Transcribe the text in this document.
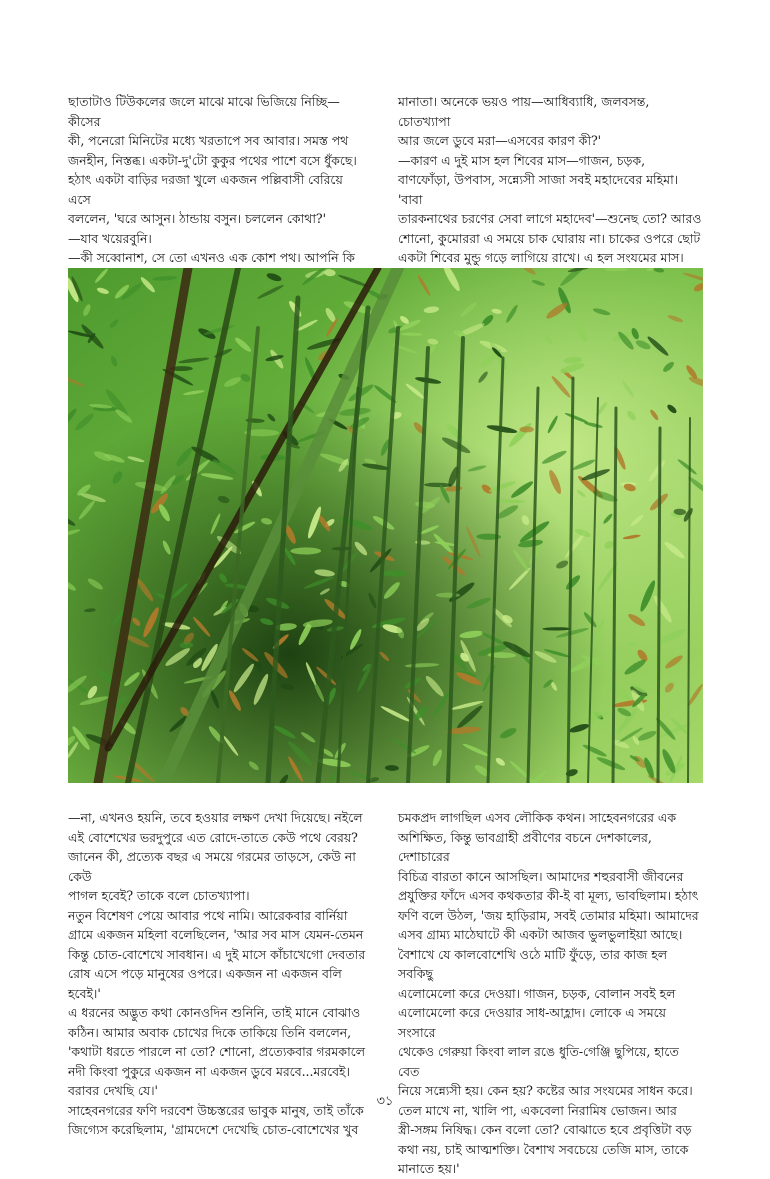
ছাতাটাও টিউকলের জলে মাঝে মাঝে ভিজিয়ে নিচ্ছি—কীসের
কী, পনেরো মিনিটের মধ্যে খরতাপে সব আবার। সমস্ত পথ
জনহীন, নিস্তব্ধ। একটা-দু'টো কুকুর পথের পাশে বসে ধুঁকছে।
হঠাৎ একটা বাড়ির দরজা খুলে একজন পল্লিবাসী বেরিয়ে এসে
বললেন, 'ঘরে আসুন। ঠান্ডায় বসুন। চললেন কোথা?'
—যাব খয়েরবুনি।
—কী সব্বোনাশ, সে তো এখনও এক কোশ পথ। আপনি কি

মানাতা। অনেকে ভয়ও পায়—আধিব্যাধি, জলবসন্ত, চোতখ্যাপা
আর জলে ডুবে মরা—এসবের কারণ কী?'
—কারণ এ দুই মাস হল শিবের মাস—গাজন, চড়ক,
বাণফোঁড়া, উপবাস, সন্ন্যেসী সাজা সবই মহাদেবের মহিমা। 'বাবা
তারকনাথের চরণের সেবা লাগে মহাদেব'—শুনেছ তো? আরও
শোনো, কুমোররা এ সময়ে চাক ঘোরায় না। চাকের ওপরে ছোট
একটা শিবের মুন্ডু গড়ে লাগিয়ে রাখে। এ হল সংযমের মাস।

—না, এখনও হয়নি, তবে হওয়ার লক্ষণ দেখা দিয়েছে। নইলে
এই বোশেখের ভরদুপুরে এত রোদে-তাতে কেউ পথে বেরয়?
জানেন কী, প্রত্যেক বছর এ সময়ে গরমের তাড়সে, কেউ না কেউ
পাগল হবেই? তাকে বলে চোতখ্যাপা।
নতুন বিশেষণ পেয়ে আবার পথে নামি। আরেকবার বার্নিয়া
গ্রামে একজন মহিলা বলেছিলেন, 'আর সব মাস যেমন-তেমন
কিন্তু চোত-বোশেখে সাবধান। এ দুই মাসে কাঁচাখেগো দেবতার
রোষ এসে পড়ে মানুষের ওপরে। একজন না একজন বলি হবেই।'
এ ধরনের অদ্ভুত কথা কোনওদিন শুনিনি, তাই মানে বোঝাও
কঠিন। আমার অবাক চোখের দিকে তাকিয়ে তিনি বললেন,
'কথাটা ধরতে পারলে না তো? শোনো, প্রত্যেকবার গরমকালে
নদী কিংবা পুকুরে একজন না একজন ডুবে মরবে...মরবেই।
বরাবর দেখছি যে।'
সাহেবনগরের ফণি দরবেশ উচ্চস্তরের ভাবুক মানুষ, তাই তাঁকে
জিগ্যেস করেছিলাম, 'গ্রামদেশে দেখেছি চোত-বোশেখের খুব

চমকপ্রদ লাগছিল এসব লৌকিক কথন। সাহেবনগরের এক
অশিক্ষিত, কিন্তু ভাবগ্রাহী প্রবীণের বচনে দেশকালের, দেশাচারের
বিচিত্র বারতা কানে আসছিল। আমাদের শহুরবাসী জীবনের
প্রযুক্তির ফাঁদে এসব কথকতার কী-ই বা মূল্য, ভাবছিলাম। হঠাৎ
ফণি বলে উঠল, 'জয় হাড়িরাম, সবই তোমার মহিমা। আমাদের
এসব গ্রাম্য মাঠেঘাটে কী একটা আজব ভুলভুলাইয়া আছে।
বৈশাখে যে কালবোশেখি ওঠে মাটি ফুঁড়ে, তার কাজ হল সবকিছু
এলোমেলো করে দেওয়া। গাজন, চড়ক, বোলান সবই হল
এলোমেলো করে দেওয়ার সাধ-আহ্লাদ। লোকে এ সময়ে সংসারে
থেকেও গেরুয়া কিংবা লাল রঙে ধুতি-গেঞ্জি ছুপিয়ে, হাতে বেত
নিয়ে সন্ন্যেসী হয়। কেন হয়? কষ্টের আর সংযমের সাধন করে।
তেল মাখে না, খালি পা, একবেলা নিরামিষ ভোজন। আর
স্ত্রী-সঙ্গম নিষিদ্ধ। কেন বলো তো? বোঝাতে হবে প্রবৃত্তিটা বড়
কথা নয়, চাই আত্মশক্তি। বৈশাখ সবচেয়ে তেজি মাস, তাকে
মানাতে হয়।'

৩১
